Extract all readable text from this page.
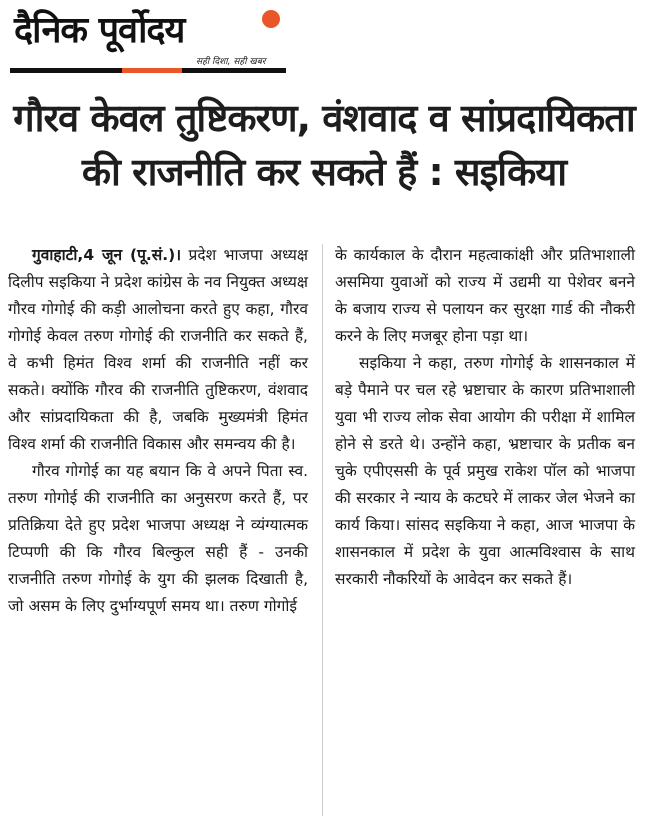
दैनिक पूर्वोदय
सही दिशा, सही खबर
गौरव केवल तुष्टिकरण, वंशवाद व सांप्रदायिकता
की राजनीति कर सकते हैं : सइकिया

गुवाहाटी,4 जून (पू.सं.)। प्रदेश भाजपा अध्यक्ष दिलीप सइकिया ने प्रदेश कांग्रेस के नव नियुक्त अध्यक्ष गौरव गोगोई की कड़ी आलोचना करते हुए कहा, गौरव गोगोई केवल तरुण गोगोई की राजनीति कर सकते हैं, वे कभी हिमंत विश्व शर्मा की राजनीति नहीं कर सकते। क्योंकि गौरव की राजनीति तुष्टिकरण, वंशवाद और सांप्रदायिकता की है, जबकि मुख्यमंत्री हिमंत विश्व शर्मा की राजनीति विकास और समन्वय की है।

गौरव गोगोई का यह बयान कि वे अपने पिता स्व. तरुण गोगोई की राजनीति का अनुसरण करते हैं, पर प्रतिक्रिया देते हुए प्रदेश भाजपा अध्यक्ष ने व्यंग्यात्मक टिप्पणी की कि गौरव बिल्कुल सही हैं - उनकी राजनीति तरुण गोगोई के युग की झलक दिखाती है, जो असम के लिए दुर्भाग्यपूर्ण समय था। तरुण गोगोई

के कार्यकाल के दौरान महत्वाकांक्षी और प्रतिभाशाली असमिया युवाओं को राज्य में उद्यमी या पेशेवर बनने के बजाय राज्य से पलायन कर सुरक्षा गार्ड की नौकरी करने के लिए मजबूर होना पड़ा था।

सइकिया ने कहा, तरुण गोगोई के शासनकाल में बड़े पैमाने पर चल रहे भ्रष्टाचार के कारण प्रतिभाशाली युवा भी राज्य लोक सेवा आयोग की परीक्षा में शामिल होने से डरते थे। उन्होंने कहा, भ्रष्टाचार के प्रतीक बन चुके एपीएससी के पूर्व प्रमुख राकेश पॉल को भाजपा की सरकार ने न्याय के कटघरे में लाकर जेल भेजने का कार्य किया। सांसद सइकिया ने कहा, आज भाजपा के शासनकाल में प्रदेश के युवा आत्मविश्वास के साथ सरकारी नौकरियों के आवेदन कर सकते हैं।
